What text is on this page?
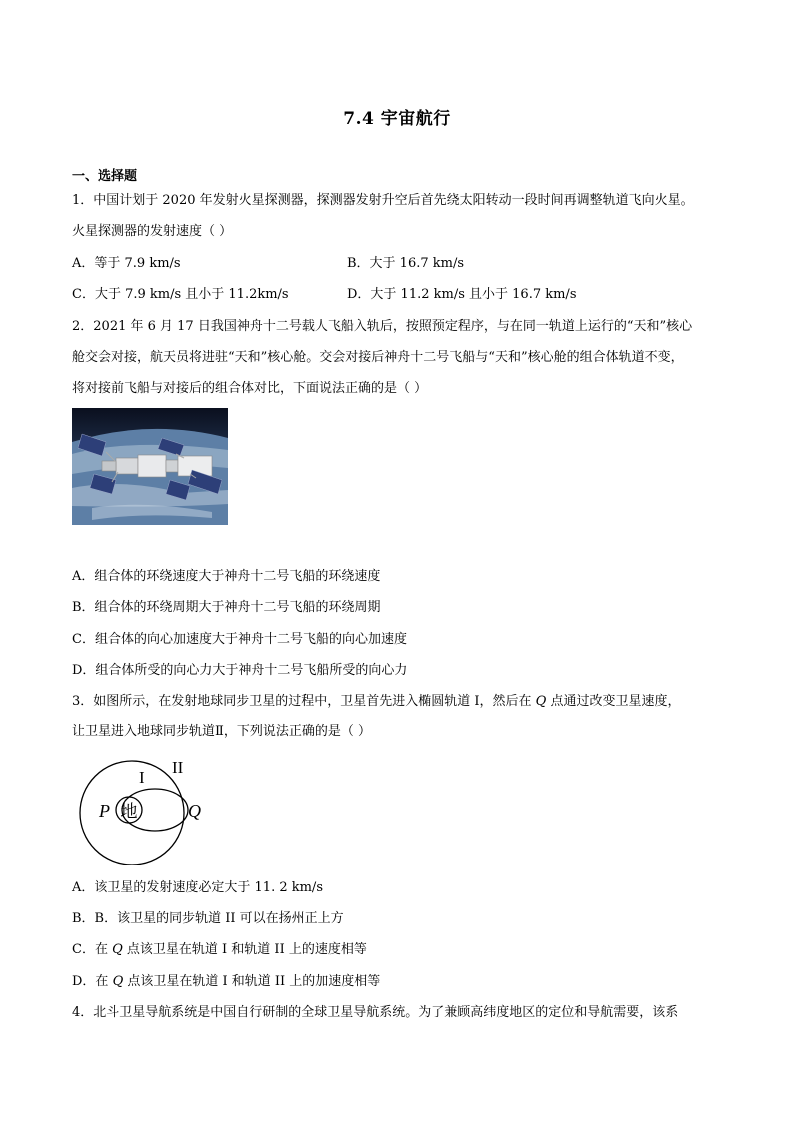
7.4 宇宙航行
一、选择题
1．中国计划于 2020 年发射火星探测器，探测器发射升空后首先绕太阳转动一段时间再调整轨道飞向火星。
火星探测器的发射速度（ ）
A．等于 7.9 km/s	B．大于 16.7 km/s
C．大于 7.9 km/s 且小于 11.2km/s	D．大于 11.2 km/s 且小于 16.7 km/s
2．2021 年 6 月 17 日我国神舟十二号载人飞船入轨后，按照预定程序，与在同一轨道上运行的“天和”核心
舱交会对接，航天员将进驻“天和”核心舱。交会对接后神舟十二号飞船与“天和”核心舱的组合体轨道不变，
将对接前飞船与对接后的组合体对比，下面说法正确的是（ ）
A．组合体的环绕速度大于神舟十二号飞船的环绕速度
B．组合体的环绕周期大于神舟十二号飞船的环绕周期
C．组合体的向心加速度大于神舟十二号飞船的向心加速度
D．组合体所受的向心力大于神舟十二号飞船所受的向心力
3．如图所示，在发射地球同步卫星的过程中，卫星首先进入椭圆轨道 I，然后在 Q 点通过改变卫星速度，
让卫星进入地球同步轨道Ⅱ，下列说法正确的是（ ）
地
P	Q
I
II
A．该卫星的发射速度必定大于 11. 2 km/s
B．B．该卫星的同步轨道 II 可以在扬州正上方
C．在 Q 点该卫星在轨道 I 和轨道 II 上的速度相等
D．在 Q 点该卫星在轨道 I 和轨道 II 上的加速度相等
4．北斗卫星导航系统是中国自行研制的全球卫星导航系统。为了兼顾高纬度地区的定位和导航需要，该系
